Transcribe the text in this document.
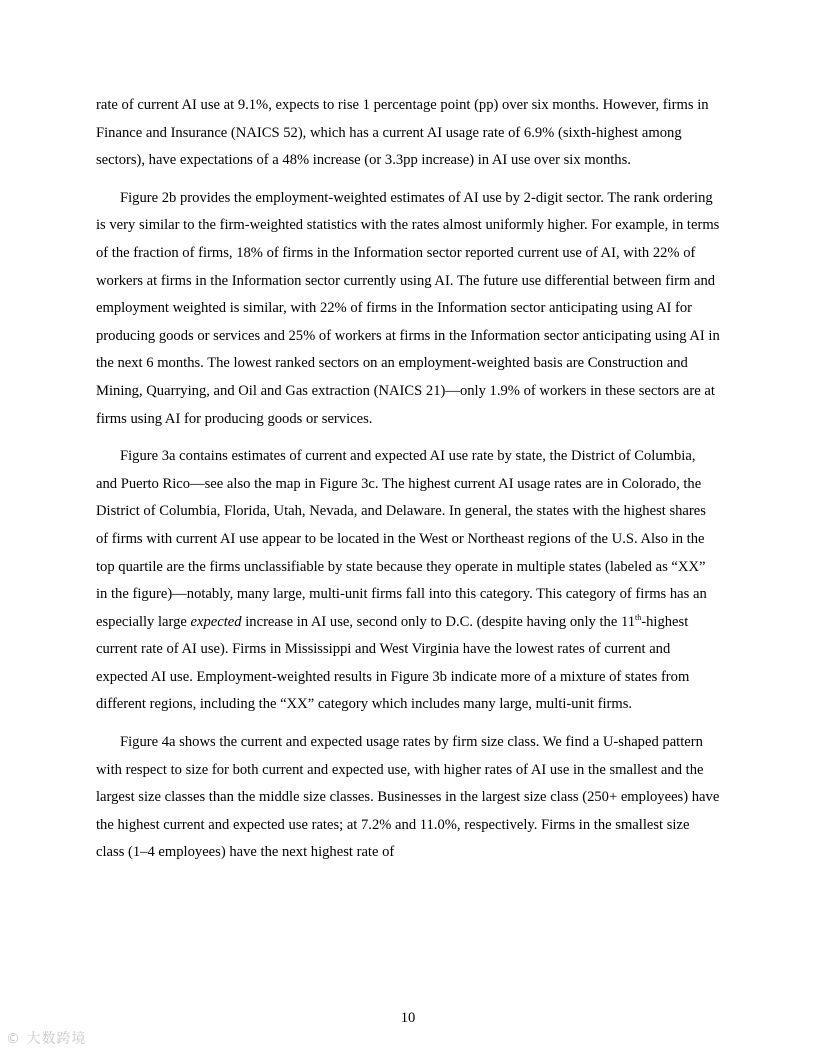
rate of current AI use at 9.1%, expects to rise 1 percentage point (pp) over six months. However, firms in Finance and Insurance (NAICS 52), which has a current AI usage rate of 6.9% (sixth-highest among sectors), have expectations of a 48% increase (or 3.3pp increase) in AI use over six months.

Figure 2b provides the employment-weighted estimates of AI use by 2-digit sector. The rank ordering is very similar to the firm-weighted statistics with the rates almost uniformly higher. For example, in terms of the fraction of firms, 18% of firms in the Information sector reported current use of AI, with 22% of workers at firms in the Information sector currently using AI. The future use differential between firm and employment weighted is similar, with 22% of firms in the Information sector anticipating using AI for producing goods or services and 25% of workers at firms in the Information sector anticipating using AI in the next 6 months. The lowest ranked sectors on an employment-weighted basis are Construction and Mining, Quarrying, and Oil and Gas extraction (NAICS 21)—only 1.9% of workers in these sectors are at firms using AI for producing goods or services.

Figure 3a contains estimates of current and expected AI use rate by state, the District of Columbia, and Puerto Rico—see also the map in Figure 3c. The highest current AI usage rates are in Colorado, the District of Columbia, Florida, Utah, Nevada, and Delaware. In general, the states with the highest shares of firms with current AI use appear to be located in the West or Northeast regions of the U.S. Also in the top quartile are the firms unclassifiable by state because they operate in multiple states (labeled as “XX” in the figure)—notably, many large, multi-unit firms fall into this category. This category of firms has an especially large expected increase in AI use, second only to D.C. (despite having only the 11th-highest current rate of AI use). Firms in Mississippi and West Virginia have the lowest rates of current and expected AI use. Employment-weighted results in Figure 3b indicate more of a mixture of states from different regions, including the “XX” category which includes many large, multi-unit firms.

Figure 4a shows the current and expected usage rates by firm size class. We find a U-shaped pattern with respect to size for both current and expected use, with higher rates of AI use in the smallest and the largest size classes than the middle size classes. Businesses in the largest size class (250+ employees) have the highest current and expected use rates; at 7.2% and 11.0%, respectively. Firms in the smallest size class (1–4 employees) have the next highest rate of

10
© 大数跨境
